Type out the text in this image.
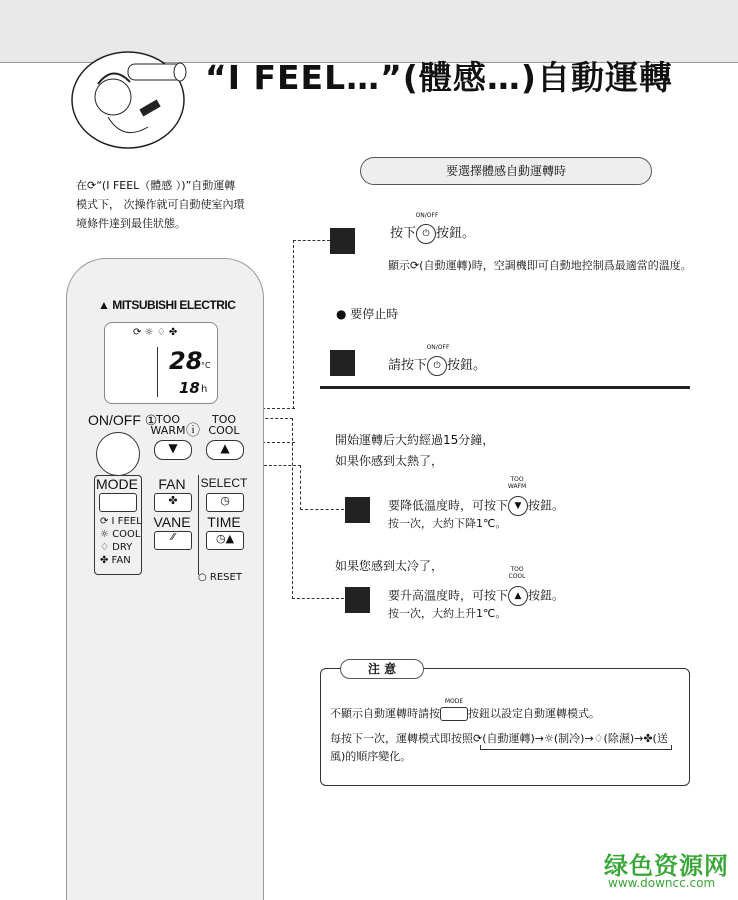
“I FEEL…”(體感…)自動運轉
在⟳“(I FEEL（體感 ）)”自動運轉
模式下， 次操作就可自動使室內環
境條件達到最佳狀態。
要選擇體感自動運轉時
按下
ON/OFF
⏻ 按鈕。
顯示⟳(自動運轉)時，空調機即可自動地控制爲最適當的溫度。
● 要停止時
請按下
ON/OFF
⏻ 按鈕。
開始運轉后大約經過15分鐘，
如果你感到太熱了，
要降低溫度時，可按下
TOO WAFM
▼ 按鈕。
按一次，大約下降1℃。
如果您感到太冷了，
要升高溫度時，可按下
TOO COOL
▲ 按鈕。
按一次，大約上升1℃。
注 意
不顯示自動運轉時請按
MODE
按鈕以設定自動運轉模式。
每按下一次，運轉模式即按照⟳(自動運轉)→☼(制冷)→♢(除濕)→✤(送
風)的順序變化。
▲ MITSUBISHI ELECTRIC
⟳ ☼ ♢ ✤
28
°C
18 h
ON/OFF ①
TOO WARM ⓘ
TOO COOL
▼	▲
MODE
⟳ I FEEL
☼ COOL
♢ DRY
✤ FAN
FAN
✤
VANE
⁄⁄
SELECT
◷
TIME
◷▲
○ RESET
绿色资源网
www.downcc.com
